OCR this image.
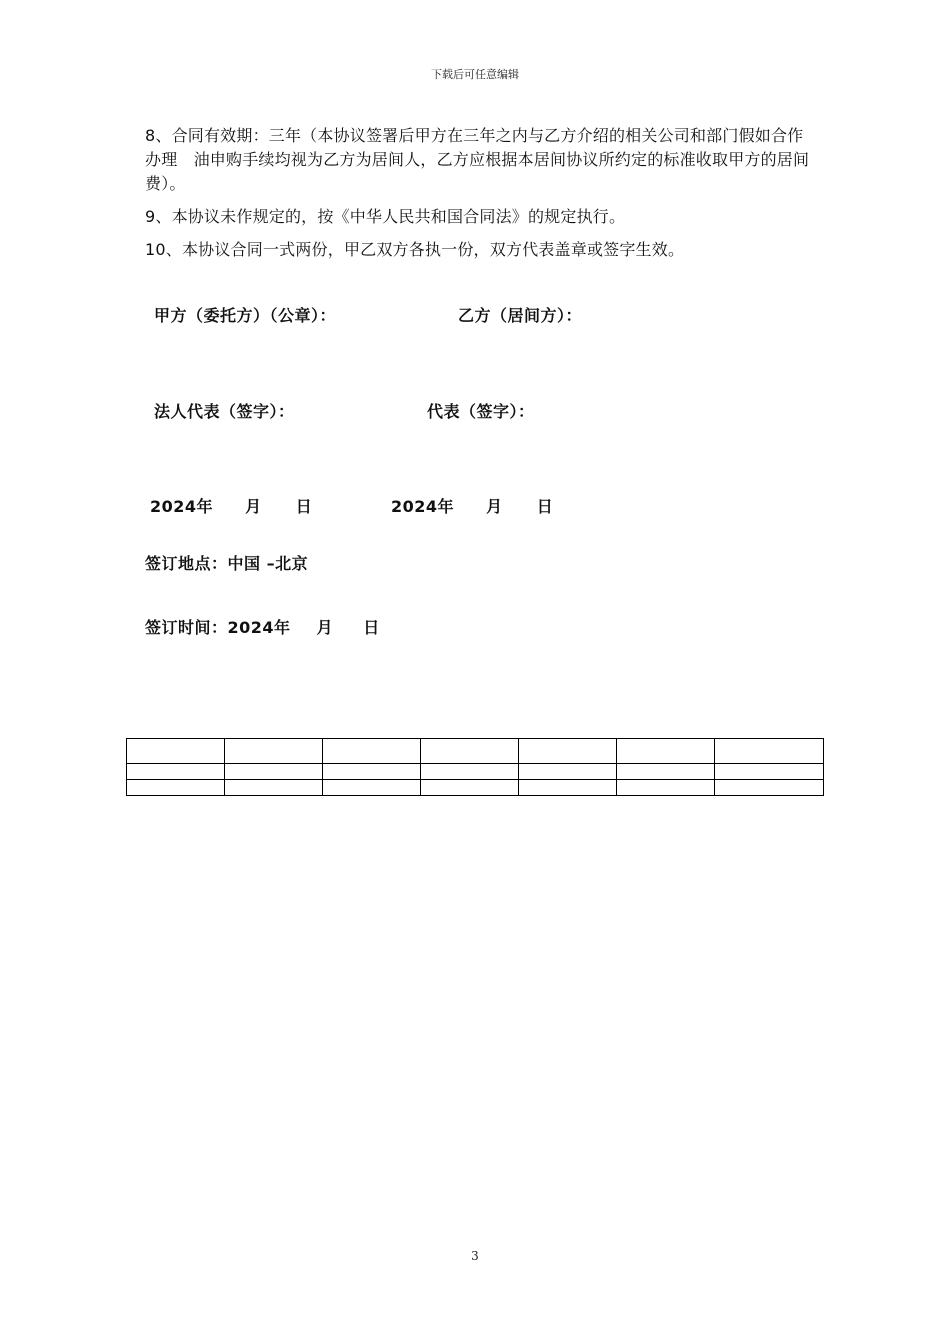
下载后可任意编辑
8、合同有效期：三年（本协议签署后甲方在三年之内与乙方介绍的相关公司和部门假如合作办理　油申购手续均视为乙方为居间人，乙方应根据本居间协议所约定的标准收取甲方的居间费）。
9、本协议未作规定的，按《中华人民共和国合同法》的规定执行。
10、本协议合同一式两份，甲乙双方各执一份，双方代表盖章或签字生效。
甲方（委托方）（公章）：	乙方（居间方）：
法人代表（签字）：	代表（签字）：
2024年 月 日	2024年 月 日
签订地点：中国 –北京
签订时间：2024年 月 日

3
